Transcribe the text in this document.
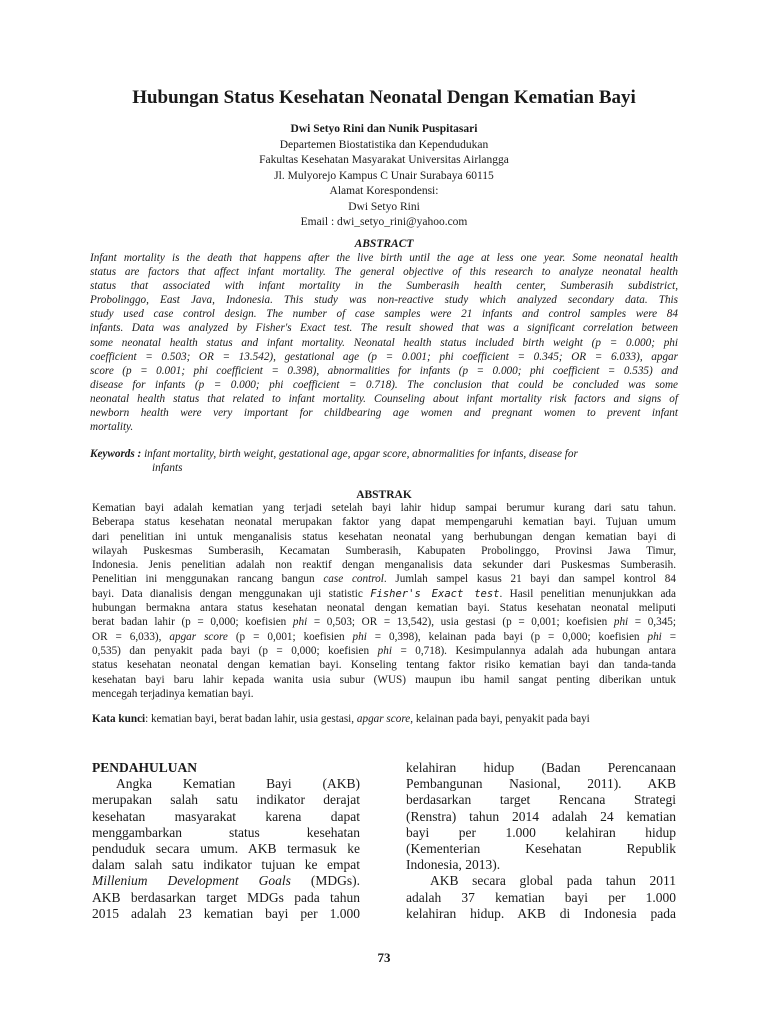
Hubungan Status Kesehatan Neonatal Dengan Kematian Bayi
Dwi Setyo Rini dan Nunik Puspitasari
Departemen Biostatistika dan Kependudukan
Fakultas Kesehatan Masyarakat Universitas Airlangga
Jl. Mulyorejo Kampus C Unair Surabaya 60115
Alamat Korespondensi:
Dwi Setyo Rini
Email : dwi_setyo_rini@yahoo.com
ABSTRACT
Infant mortality is the death that happens after the live birth until the age at less one year. Some neonatal health
status are factors that affect infant mortality. The general objective of this research to analyze neonatal health
status that associated with infant mortality in the Sumberasih health center, Sumberasih subdistrict,
Probolinggo, East Java, Indonesia. This study was non-reactive study which analyzed secondary data. This
study used case control design. The number of case samples were 21 infants and control samples were 84
infants. Data was analyzed by Fisher's Exact test. The result showed that was a significant correlation between
some neonatal health status and infant mortality. Neonatal health status included birth weight (p = 0.000; phi
coefficient = 0.503; OR = 13.542), gestational age (p = 0.001; phi coefficient = 0.345; OR = 6.033), apgar
score (p = 0.001; phi coefficient = 0.398), abnormalities for infants (p = 0.000; phi coefficient = 0.535) and
disease for infants (p = 0.000; phi coefficient = 0.718). The conclusion that could be concluded was some
neonatal health status that related to infant mortality. Counseling about infant mortality risk factors and signs of
newborn health were very important for childbearing age women and pregnant women to prevent infant
mortality.
Keywords : infant mortality, birth weight, gestational age, apgar score, abnormalities for infants, disease for
infants
ABSTRAK
Kematian bayi adalah kematian yang terjadi setelah bayi lahir hidup sampai berumur kurang dari satu tahun.
Beberapa status kesehatan neonatal merupakan faktor yang dapat mempengaruhi kematian bayi. Tujuan umum
dari penelitian ini untuk menganalisis status kesehatan neonatal yang berhubungan dengan kematian bayi di
wilayah Puskesmas Sumberasih, Kecamatan Sumberasih, Kabupaten Probolinggo, Provinsi Jawa Timur,
Indonesia. Jenis penelitian adalah non reaktif dengan menganalisis data sekunder dari Puskesmas Sumberasih.
Penelitian ini menggunakan rancang bangun case control. Jumlah sampel kasus 21 bayi dan sampel kontrol 84
bayi. Data dianalisis dengan menggunakan uji statistic Fisher's Exact test. Hasil penelitian menunjukkan ada
hubungan bermakna antara status kesehatan neonatal dengan kematian bayi. Status kesehatan neonatal meliputi
berat badan lahir (p = 0,000; koefisien phi = 0,503; OR = 13,542), usia gestasi (p = 0,001; koefisien phi = 0,345;
OR = 6,033), apgar score (p = 0,001; koefisien phi = 0,398), kelainan pada bayi (p = 0,000; koefisien phi =
0,535) dan penyakit pada bayi (p = 0,000; koefisien phi = 0,718). Kesimpulannya adalah ada hubungan antara
status kesehatan neonatal dengan kematian bayi. Konseling tentang faktor risiko kematian bayi dan tanda-tanda
kesehatan bayi baru lahir kepada wanita usia subur (WUS) maupun ibu hamil sangat penting diberikan untuk
mencegah terjadinya kematian bayi.
Kata kunci: kematian bayi, berat badan lahir, usia gestasi, apgar score, kelainan pada bayi, penyakit pada bayi
PENDAHULUAN
Angka Kematian Bayi (AKB)
merupakan salah satu indikator derajat
kesehatan masyarakat karena dapat
menggambarkan status kesehatan
penduduk secara umum. AKB termasuk ke
dalam salah satu indikator tujuan ke empat
Millenium Development Goals (MDGs).
AKB berdasarkan target MDGs pada tahun
2015 adalah 23 kematian bayi per 1.000
kelahiran hidup (Badan Perencanaan
Pembangunan Nasional, 2011). AKB
berdasarkan target Rencana Strategi
(Renstra) tahun 2014 adalah 24 kematian
bayi per 1.000 kelahiran hidup
(Kementerian Kesehatan Republik
Indonesia, 2013).
AKB secara global pada tahun 2011
adalah 37 kematian bayi per 1.000
kelahiran hidup. AKB di Indonesia pada
73
